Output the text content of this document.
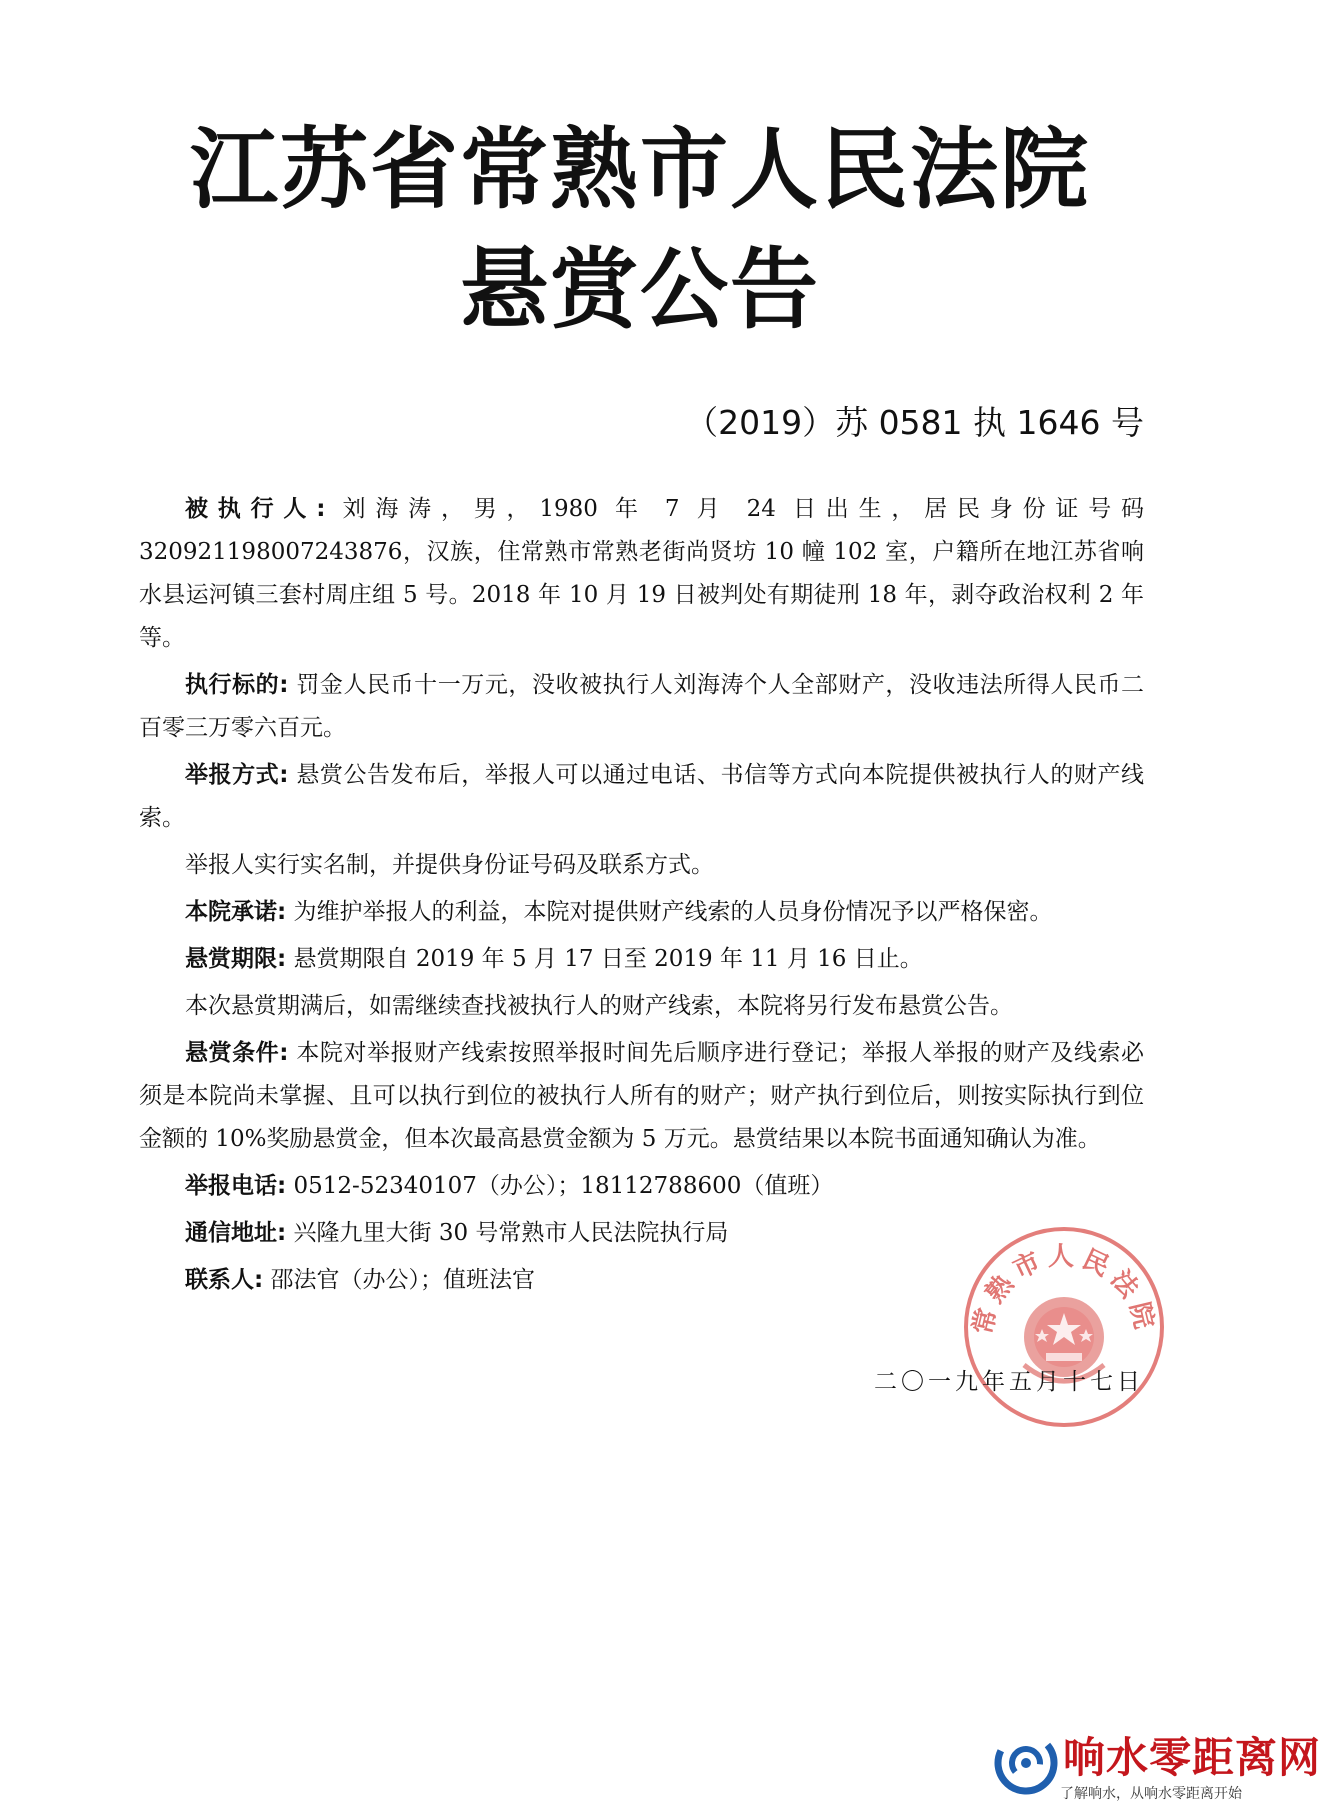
江苏省常熟市人民法院
悬赏公告
（2019）苏 0581 执 1646 号

被执行人: 刘海涛，男，1980 年 7 月 24 日出生，居民身份证号码 320921198007243876，汉族，住常熟市常熟老街尚贤坊 10 幢 102 室，户籍所在地江苏省响水县运河镇三套村周庄组 5 号。2018 年 10 月 19 日被判处有期徒刑 18 年，剥夺政治权利 2 年等。

执行标的: 罚金人民币十一万元，没收被执行人刘海涛个人全部财产，没收违法所得人民币二百零三万零六百元。

举报方式: 悬赏公告发布后，举报人可以通过电话、书信等方式向本院提供被执行人的财产线索。

举报人实行实名制，并提供身份证号码及联系方式。

本院承诺: 为维护举报人的利益，本院对提供财产线索的人员身份情况予以严格保密。

悬赏期限: 悬赏期限自 2019 年 5 月 17 日至 2019 年 11 月 16 日止。

本次悬赏期满后，如需继续查找被执行人的财产线索，本院将另行发布悬赏公告。

悬赏条件: 本院对举报财产线索按照举报时间先后顺序进行登记；举报人举报的财产及线索必须是本院尚未掌握、且可以执行到位的被执行人所有的财产；财产执行到位后，则按实际执行到位金额的 10%奖励悬赏金，但本次最高悬赏金额为 5 万元。悬赏结果以本院书面通知确认为准。

举报电话: 0512-52340107（办公）；18112788600（值班）

通信地址: 兴隆九里大街 30 号常熟市人民法院执行局

联系人: 邵法官（办公）；值班法官

常熟市人民法院
二〇一九年五月十七日
响水零距离网
了解响水，从响水零距离开始
